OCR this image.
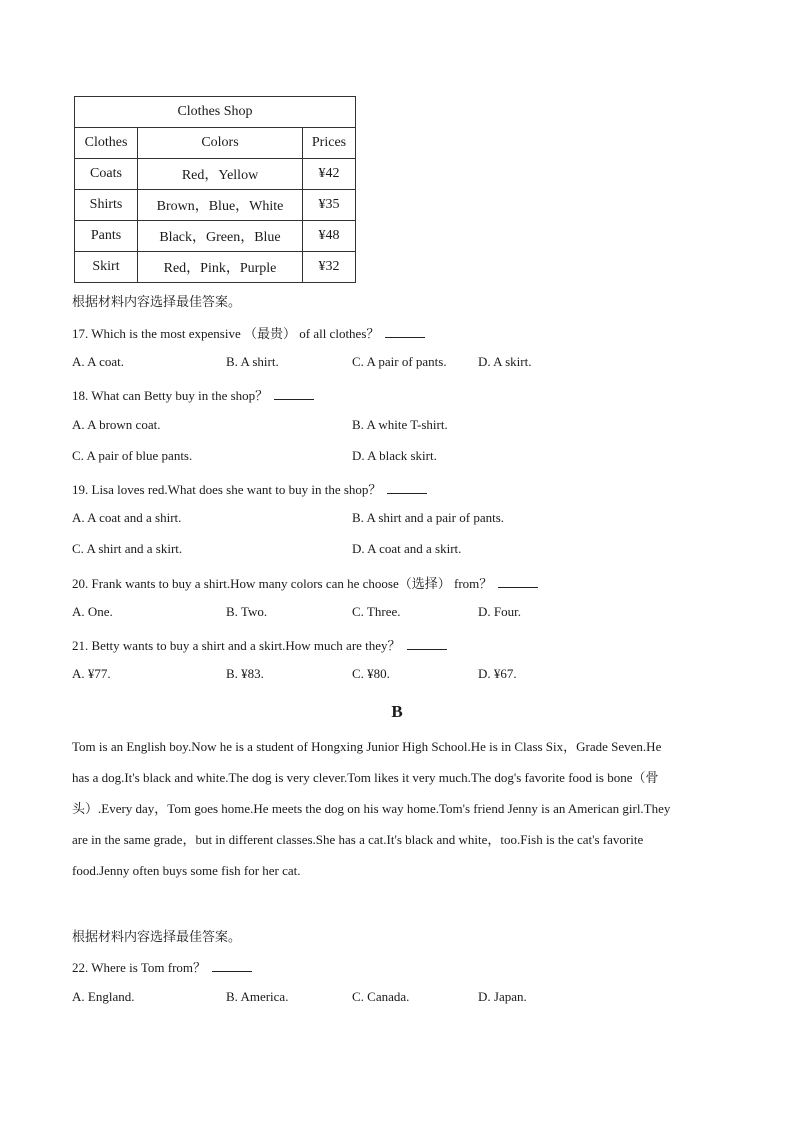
Clothes Shop		
Clothes	Colors	Prices
Coats	Red，Yellow	¥42
Shirts	Brown，Blue，White	¥35
Pants	Black，Green，Blue	¥48
Skirt	Red，Pink，Purple	¥32
根据材料内容选择最佳答案。
17. Which is the most expensive （最贵） of all clothes？
A. A coat.	B. A shirt.	C. A pair of pants. D. A skirt.
18. What can Betty buy in the shop？
A. A brown coat.	B. A white T-shirt.
C. A pair of blue pants.	D. A black skirt.
19. Lisa loves red.What does she want to buy in the shop？
A. A coat and a shirt.	B. A shirt and a pair of pants.
C. A shirt and a skirt.	D. A coat and a skirt.
20. Frank wants to buy a shirt.How many colors can he choose（选择） from？
A. One.	B. Two.	C. Three.	D. Four.
21. Betty wants to buy a shirt and a skirt.How much are they？
A. ¥77.	B. ¥83.	C. ¥80.	D. ¥67.
B

Tom is an English boy.Now he is a student of Hongxing Junior High School.He is in Class Six，Grade Seven.He

has a dog.It's black and white.The dog is very clever.Tom likes it very much.The dog's favorite food is bone（骨

头）.Every day，Tom goes home.He meets the dog on his way home.Tom's friend Jenny is an American girl.They

are in the same grade，but in different classes.She has a cat.It's black and white，too.Fish is the cat's favorite

food.Jenny often buys some fish for her cat.

根据材料内容选择最佳答案。
22. Where is Tom from？
A. England.	B. America.	C. Canada.	D. Japan.
